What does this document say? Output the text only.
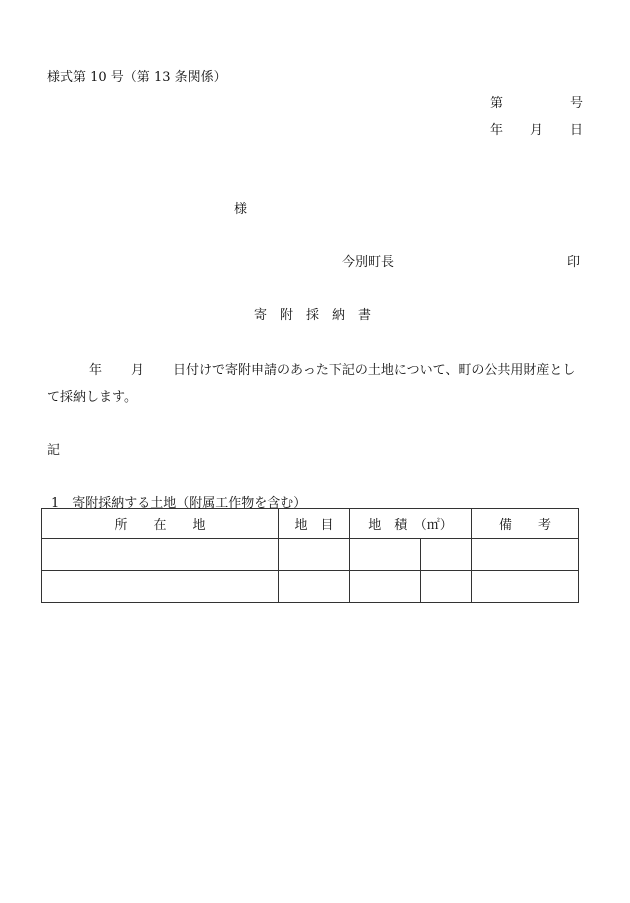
様式第 10 号（第 13 条関係）
第	号
年 月 日
様
今別町長	印
寄附採納書
年 月 日付けで寄附申請のあった下記の土地について、町の公共用財産として採納します。
記
1　寄附採納する土地（附属工作物を含む）
所　　在　　地	地　目	地　積　（㎡）		備　　考
